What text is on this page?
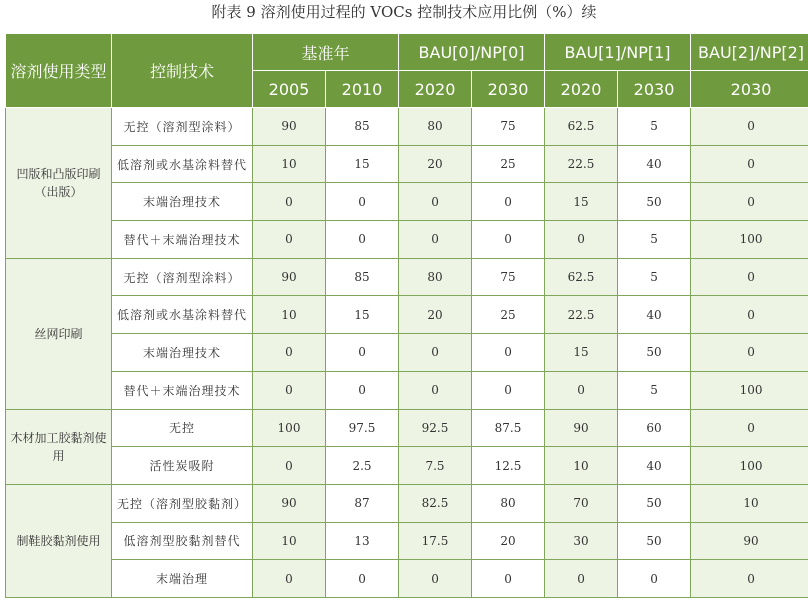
附表 9 溶剂使用过程的 VOCs 控制技术应用比例（%）续
溶剂使用类型	控制技术	基准年		BAU[0]/NP[0]		BAU[1]/NP[1]		BAU[2]/NP[2]
		2005	2010	2020	2030	2020	2030	2030
凹版和凸版印刷（出版）	无控（溶剂型涂料）	90	85	80	75	62.5	5	0
	低溶剂或水基涂料替代	10	15	20	25	22.5	40	0
	末端治理技术	0	0	0	0	15	50	0
	替代＋末端治理技术	0	0	0	0	0	5	100
丝网印刷	无控（溶剂型涂料）	90	85	80	75	62.5	5	0
	低溶剂或水基涂料替代	10	15	20	25	22.5	40	0
	末端治理技术	0	0	0	0	15	50	0
	替代＋末端治理技术	0	0	0	0	0	5	100
木材加工胶黏剂使用	无控	100	97.5	92.5	87.5	90	60	0
	活性炭吸附	0	2.5	7.5	12.5	10	40	100
制鞋胶黏剂使用	无控（溶剂型胶黏剂）	90	87	82.5	80	70	50	10
	低溶剂型胶黏剂替代	10	13	17.5	20	30	50	90
	末端治理	0	0	0	0	0	0	0
